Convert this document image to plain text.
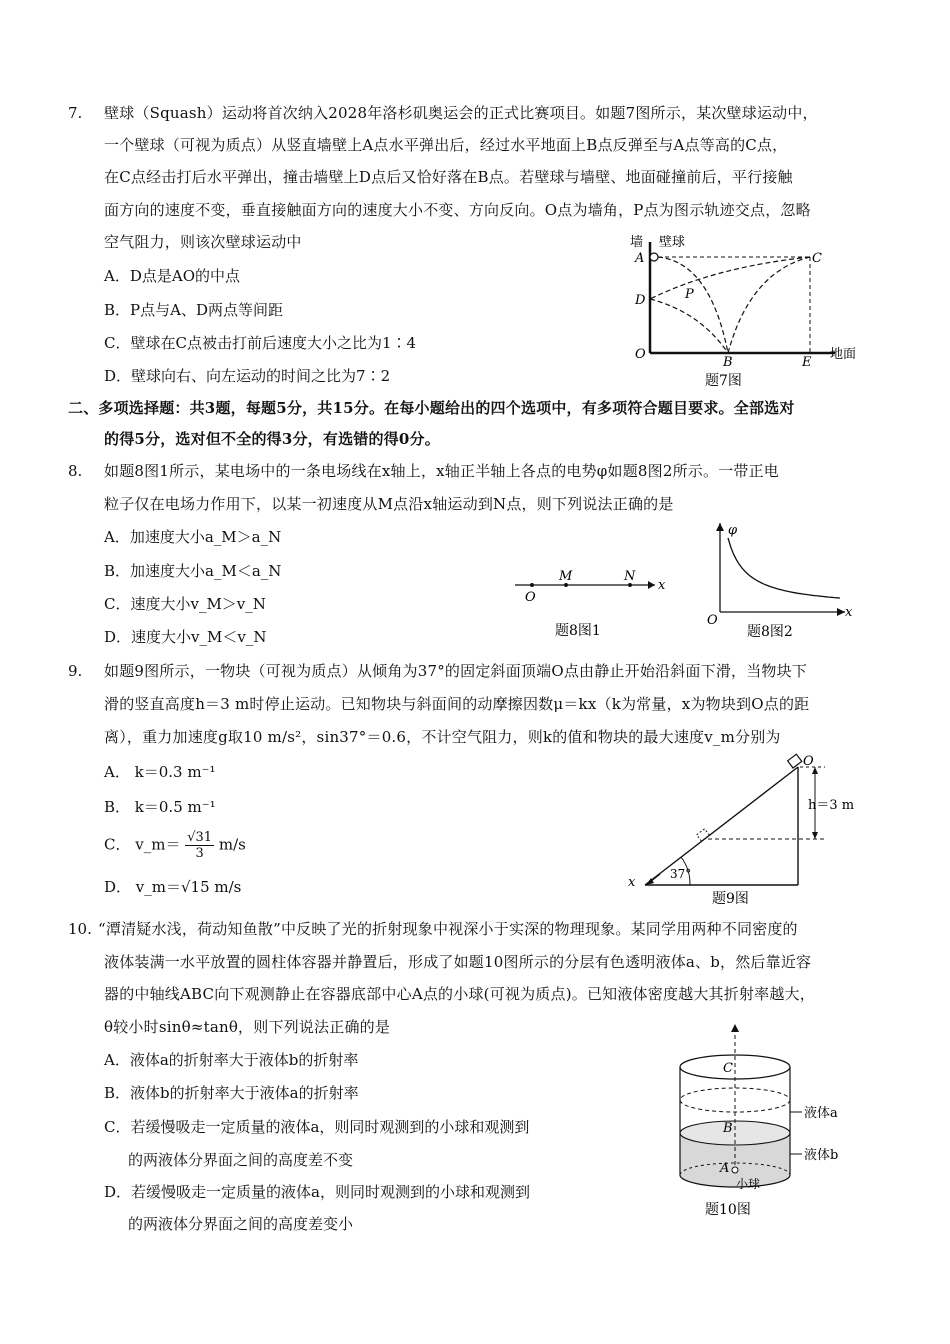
7. 壁球（Squash）运动将首次纳入2028年洛杉矶奥运会的正式比赛项目。如题7图所示，某次壁球运动中，
一个壁球（可视为质点）从竖直墙壁上A点水平弹出后，经过水平地面上B点反弹至与A点等高的C点，
在C点经击打后水平弹出，撞击墙壁上D点后又恰好落在B点。若壁球与墙壁、地面碰撞前后，平行接触
面方向的速度不变，垂直接触面方向的速度大小不变、方向反向。O点为墙角，P点为图示轨迹交点，忽略
空气阻力，则该次壁球运动中
A．D点是AO的中点
B．P点与A、D两点等间距
C．壁球在C点被击打前后速度大小之比为1∶4
D．壁球向右、向左运动的时间之比为7∶2
墙 壁球
A	C
D	P
O
B	E
地面
题7图
二、多项选择题：共3题，每题5分，共15分。在每小题给出的四个选项中，有多项符合题目要求。全部选对
的得5分，选对但不全的得3分，有选错的得0分。
8. 如题8图1所示，某电场中的一条电场线在x轴上，x轴正半轴上各点的电势φ如题8图2所示。一带正电
粒子仅在电场力作用下，以某一初速度从M点沿x轴运动到N点，则下列说法正确的是
A．加速度大小a_M＞a_N
B．加速度大小a_M＜a_N
C．速度大小v_M＞v_N
D．速度大小v_M＜v_N
M	N
O
x
题8图1
φ
O
x
题8图2
9. 如题9图所示，一物块（可视为质点）从倾角为37°的固定斜面顶端O点由静止开始沿斜面下滑，当物块下
滑的竖直高度h＝3 m时停止运动。已知物块与斜面间的动摩擦因数μ＝kx（k为常量，x为物块到O点的距
离），重力加速度g取10 m/s²，sin37°＝0.6，不计空气阻力，则k的值和物块的最大速度v_m分别为
A． k＝0.3 m⁻¹
B． k＝0.5 m⁻¹
C． v_m＝ $\frac{√31}{3} m/s$
D． v_m＝√15 m/s
O
h＝3 m
37°
x
题9图
10. “潭清疑水浅，荷动知鱼散”中反映了光的折射现象中视深小于实深的物理现象。某同学用两种不同密度的
液体装满一水平放置的圆柱体容器并静置后，形成了如题10图所示的分层有色透明液体a、b，然后靠近容
器的中轴线ABC向下观测静止在容器底部中心A点的小球(可视为质点)。已知液体密度越大其折射率越大，
θ较小时sinθ≈tanθ，则下列说法正确的是
A．液体a的折射率大于液体b的折射率
B．液体b的折射率大于液体a的折射率
C．若缓慢吸走一定质量的液体a，则同时观测到的小球和观测到
的两液体分界面之间的高度差不变
D．若缓慢吸走一定质量的液体a，则同时观测到的小球和观测到
的两液体分界面之间的高度差变小
C
B
A
液体a
液体b
小球
题10图
